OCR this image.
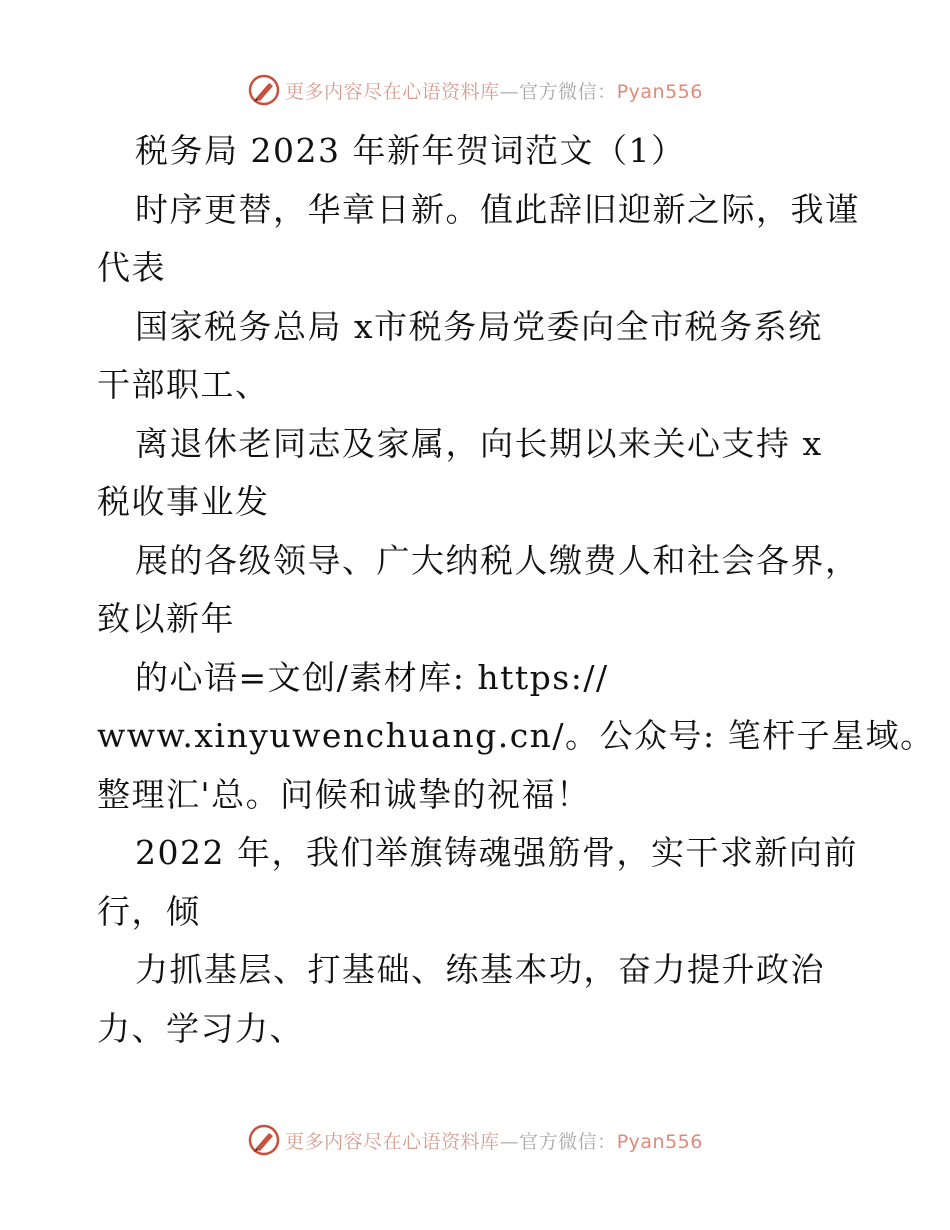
更多内容尽在心语资料库—官方微信：Pyan556
税务局 2023 年新年贺词范文（1）
时序更替，华章日新。值此辞旧迎新之际，我谨
代表
国家税务总局 x市税务局党委向全市税务系统
干部职工、
离退休老同志及家属，向长期以来关心支持 x
税收事业发
展的各级领导、广大纳税人缴费人和社会各界，
致以新年
的心语=文创/素材库: https://
www.xinyuwenchuang.cn/。公众号: 笔杆子星域。
整理汇'总。问候和诚挚的祝福！
2022 年，我们举旗铸魂强筋骨，实干求新向前
行，倾
力抓基层、打基础、练基本功，奋力提升政治
力、学习力、
更多内容尽在心语资料库—官方微信：Pyan556
